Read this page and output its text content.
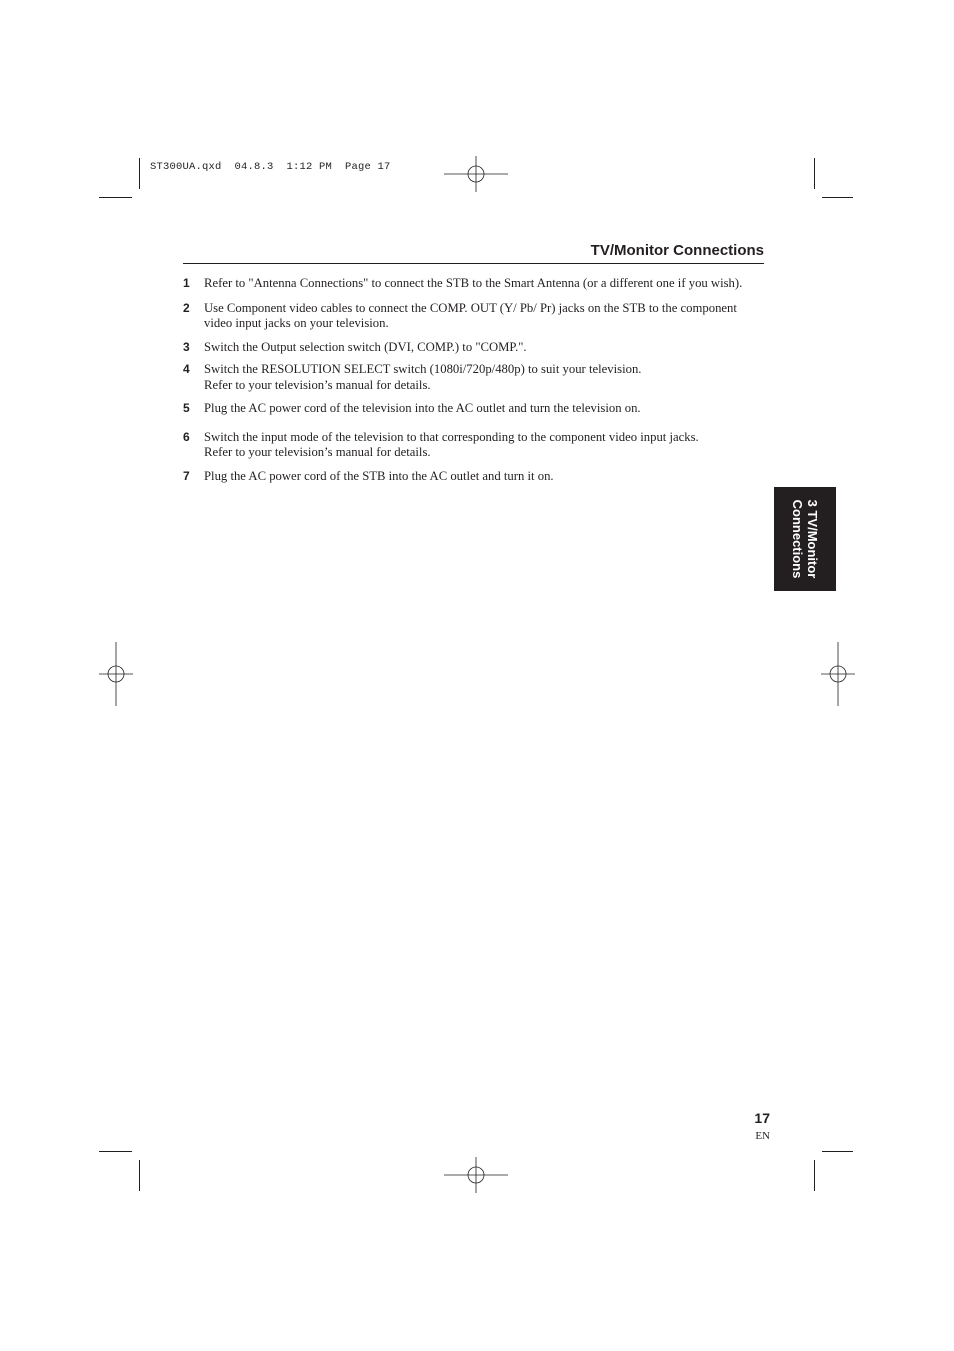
ST300UA.qxd  04.8.3  1:12 PM  Page 17
TV/Monitor Connections
1 Refer to "Antenna Connections" to connect the STB to the Smart Antenna (or a different one if you wish).
2 Use Component video cables to connect the COMP. OUT (Y/ Pb/ Pr) jacks on the STB to the component
video input jacks on your television.
3 Switch the Output selection switch (DVI, COMP.) to "COMP.".
4 Switch the RESOLUTION SELECT switch (1080i/720p/480p) to suit your television.
Refer to your television’s manual for details.
5 Plug the AC power cord of the television into the AC outlet and turn the television on.
6 Switch the input mode of the television to that corresponding to the component video input jacks.
Refer to your television’s manual for details.
7 Plug the AC power cord of the STB into the AC outlet and turn it on.
3 TV/Monitor
Connections
17
EN
